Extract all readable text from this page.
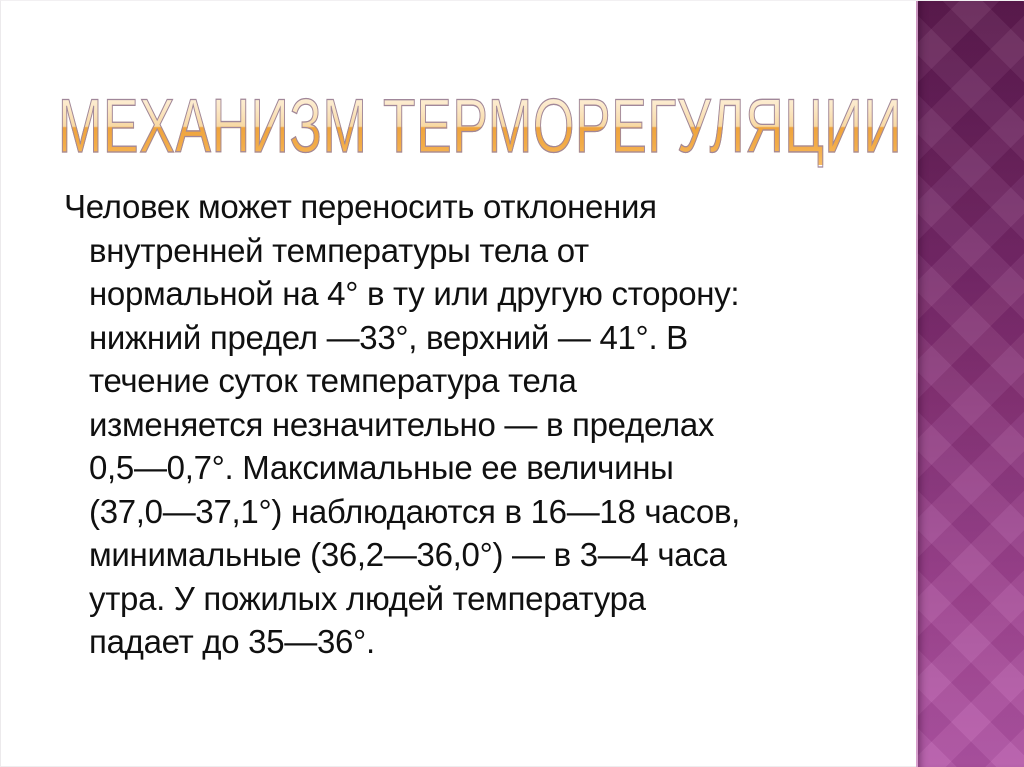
МЕХАНИЗМ ТЕРМОРЕГУЛЯЦИИ
Человек может переносить отклонения
внутренней температуры тела от
нормальной на 4° в ту или другую сторону:
нижний предел —33°, верхний — 41°. В
течение суток температура тела
изменяется незначительно — в пределах
0,5—0,7°. Максимальные ее величины
(37,0—37,1°) наблюдаются в 16—18 часов,
минимальные (36,2—36,0°) — в 3—4 часа
утра. У пожилых людей температура
падает до 35—36°.
